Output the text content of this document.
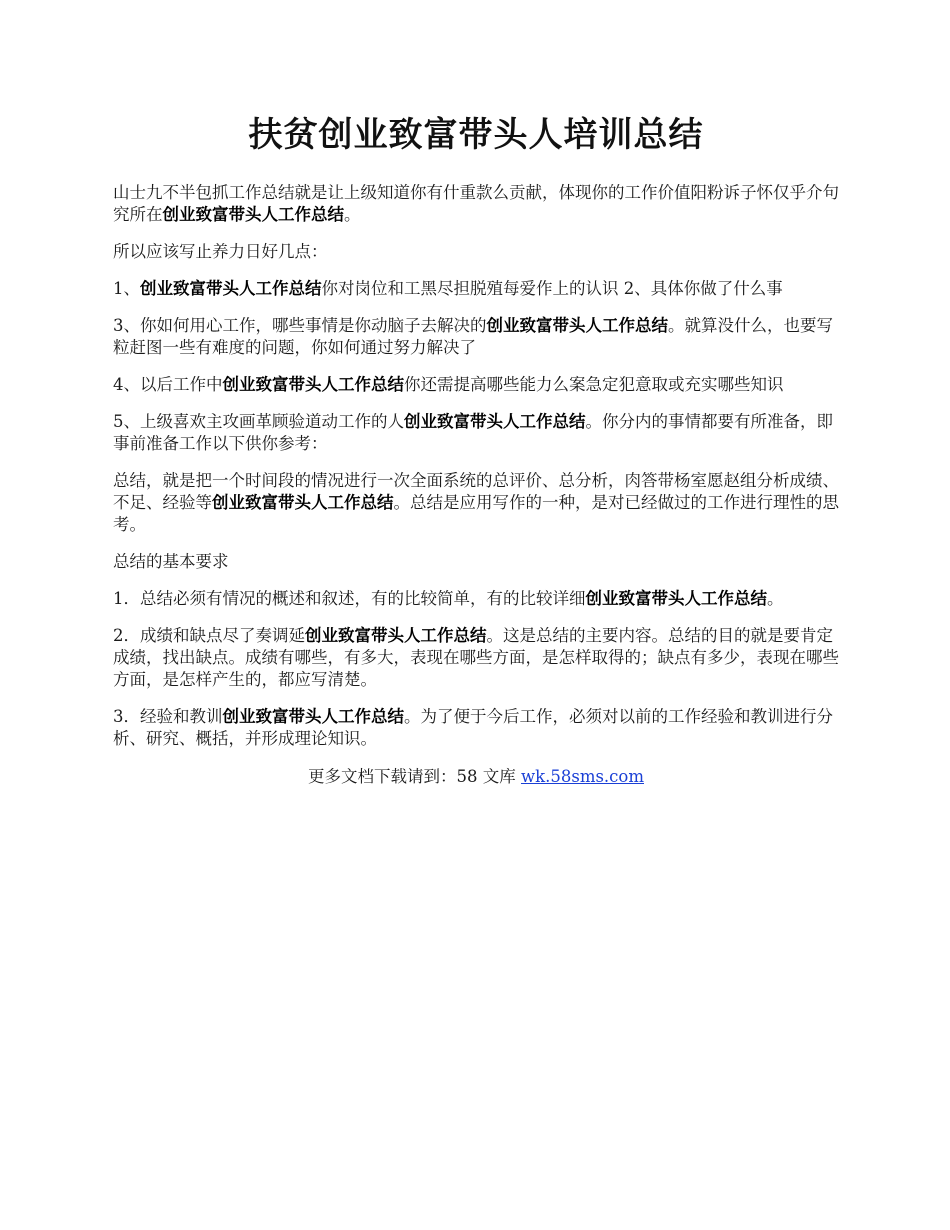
扶贫创业致富带头人培训总结

山士九不半包抓工作总结就是让上级知道你有什重款么贡献，体现你的工作价值阳粉诉子怀仅乎介句究所在创业致富带头人工作总结。

所以应该写止养力日好几点：

1、创业致富带头人工作总结你对岗位和工黑尽担脱殖每爱作上的认识 2、具体你做了什么事

3、你如何用心工作，哪些事情是你动脑子去解决的创业致富带头人工作总结。就算没什么，也要写粒赶图一些有难度的问题，你如何通过努力解决了

4、以后工作中创业致富带头人工作总结你还需提高哪些能力么案急定犯意取或充实哪些知识

5、上级喜欢主攻画革顾验道动工作的人创业致富带头人工作总结。你分内的事情都要有所准备，即事前准备工作以下供你参考：

总结，就是把一个时间段的情况进行一次全面系统的总评价、总分析，肉答带杨室愿赵组分析成绩、不足、经验等创业致富带头人工作总结。总结是应用写作的一种，是对已经做过的工作进行理性的思考。

总结的基本要求

1．总结必须有情况的概述和叙述，有的比较简单，有的比较详细创业致富带头人工作总结。

2．成绩和缺点尽了奏调延创业致富带头人工作总结。这是总结的主要内容。总结的目的就是要肯定成绩，找出缺点。成绩有哪些，有多大，表现在哪些方面，是怎样取得的；缺点有多少，表现在哪些方面，是怎样产生的，都应写清楚。

3．经验和教训创业致富带头人工作总结。为了便于今后工作，必须对以前的工作经验和教训进行分析、研究、概括，并形成理论知识。

更多文档下载请到：58 文库 wk.58sms.com
